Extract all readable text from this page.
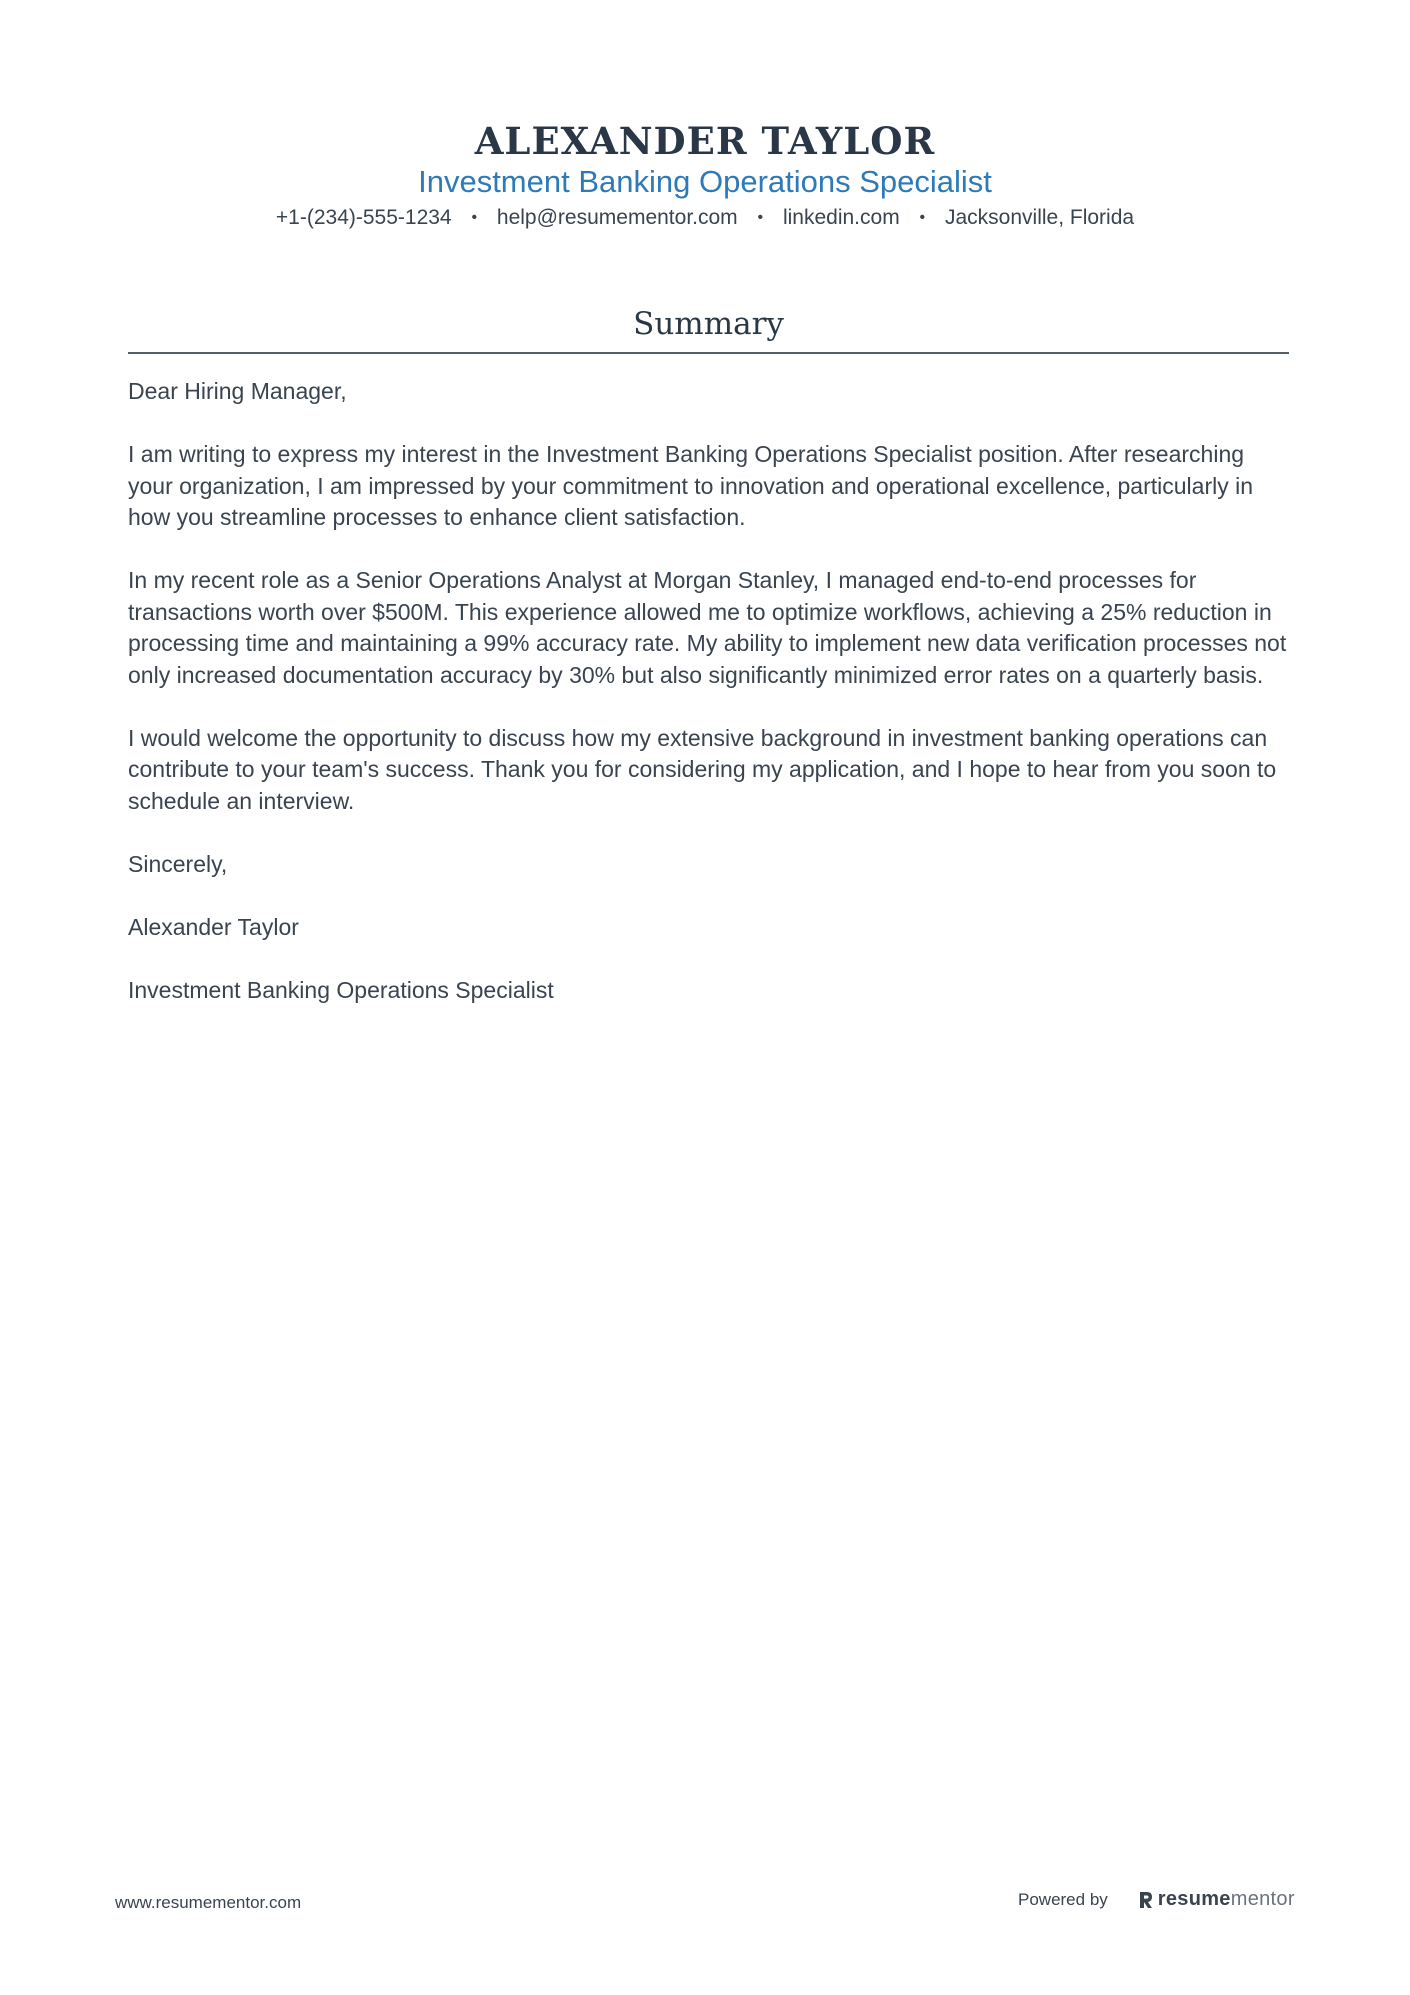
ALEXANDER TAYLOR
Investment Banking Operations Specialist
+1-(234)-555-1234 • help@resumementor.com • linkedin.com • Jacksonville, Florida
Summary

Dear Hiring Manager,

I am writing to express my interest in the Investment Banking Operations Specialist position. After researching your organization, I am impressed by your commitment to innovation and operational excellence, particularly in how you streamline processes to enhance client satisfaction.

In my recent role as a Senior Operations Analyst at Morgan Stanley, I managed end-to-end processes for transactions worth over $500M. This experience allowed me to optimize workflows, achieving a 25% reduction in processing time and maintaining a 99% accuracy rate. My ability to implement new data verification processes not only increased documentation accuracy by 30% but also significantly minimized error rates on a quarterly basis.

I would welcome the opportunity to discuss how my extensive background in investment banking operations can contribute to your team's success. Thank you for considering my application, and I hope to hear from you soon to schedule an interview.

Sincerely,

Alexander Taylor

Investment Banking Operations Specialist

www.resumementor.com	Powered by	resume mentor
